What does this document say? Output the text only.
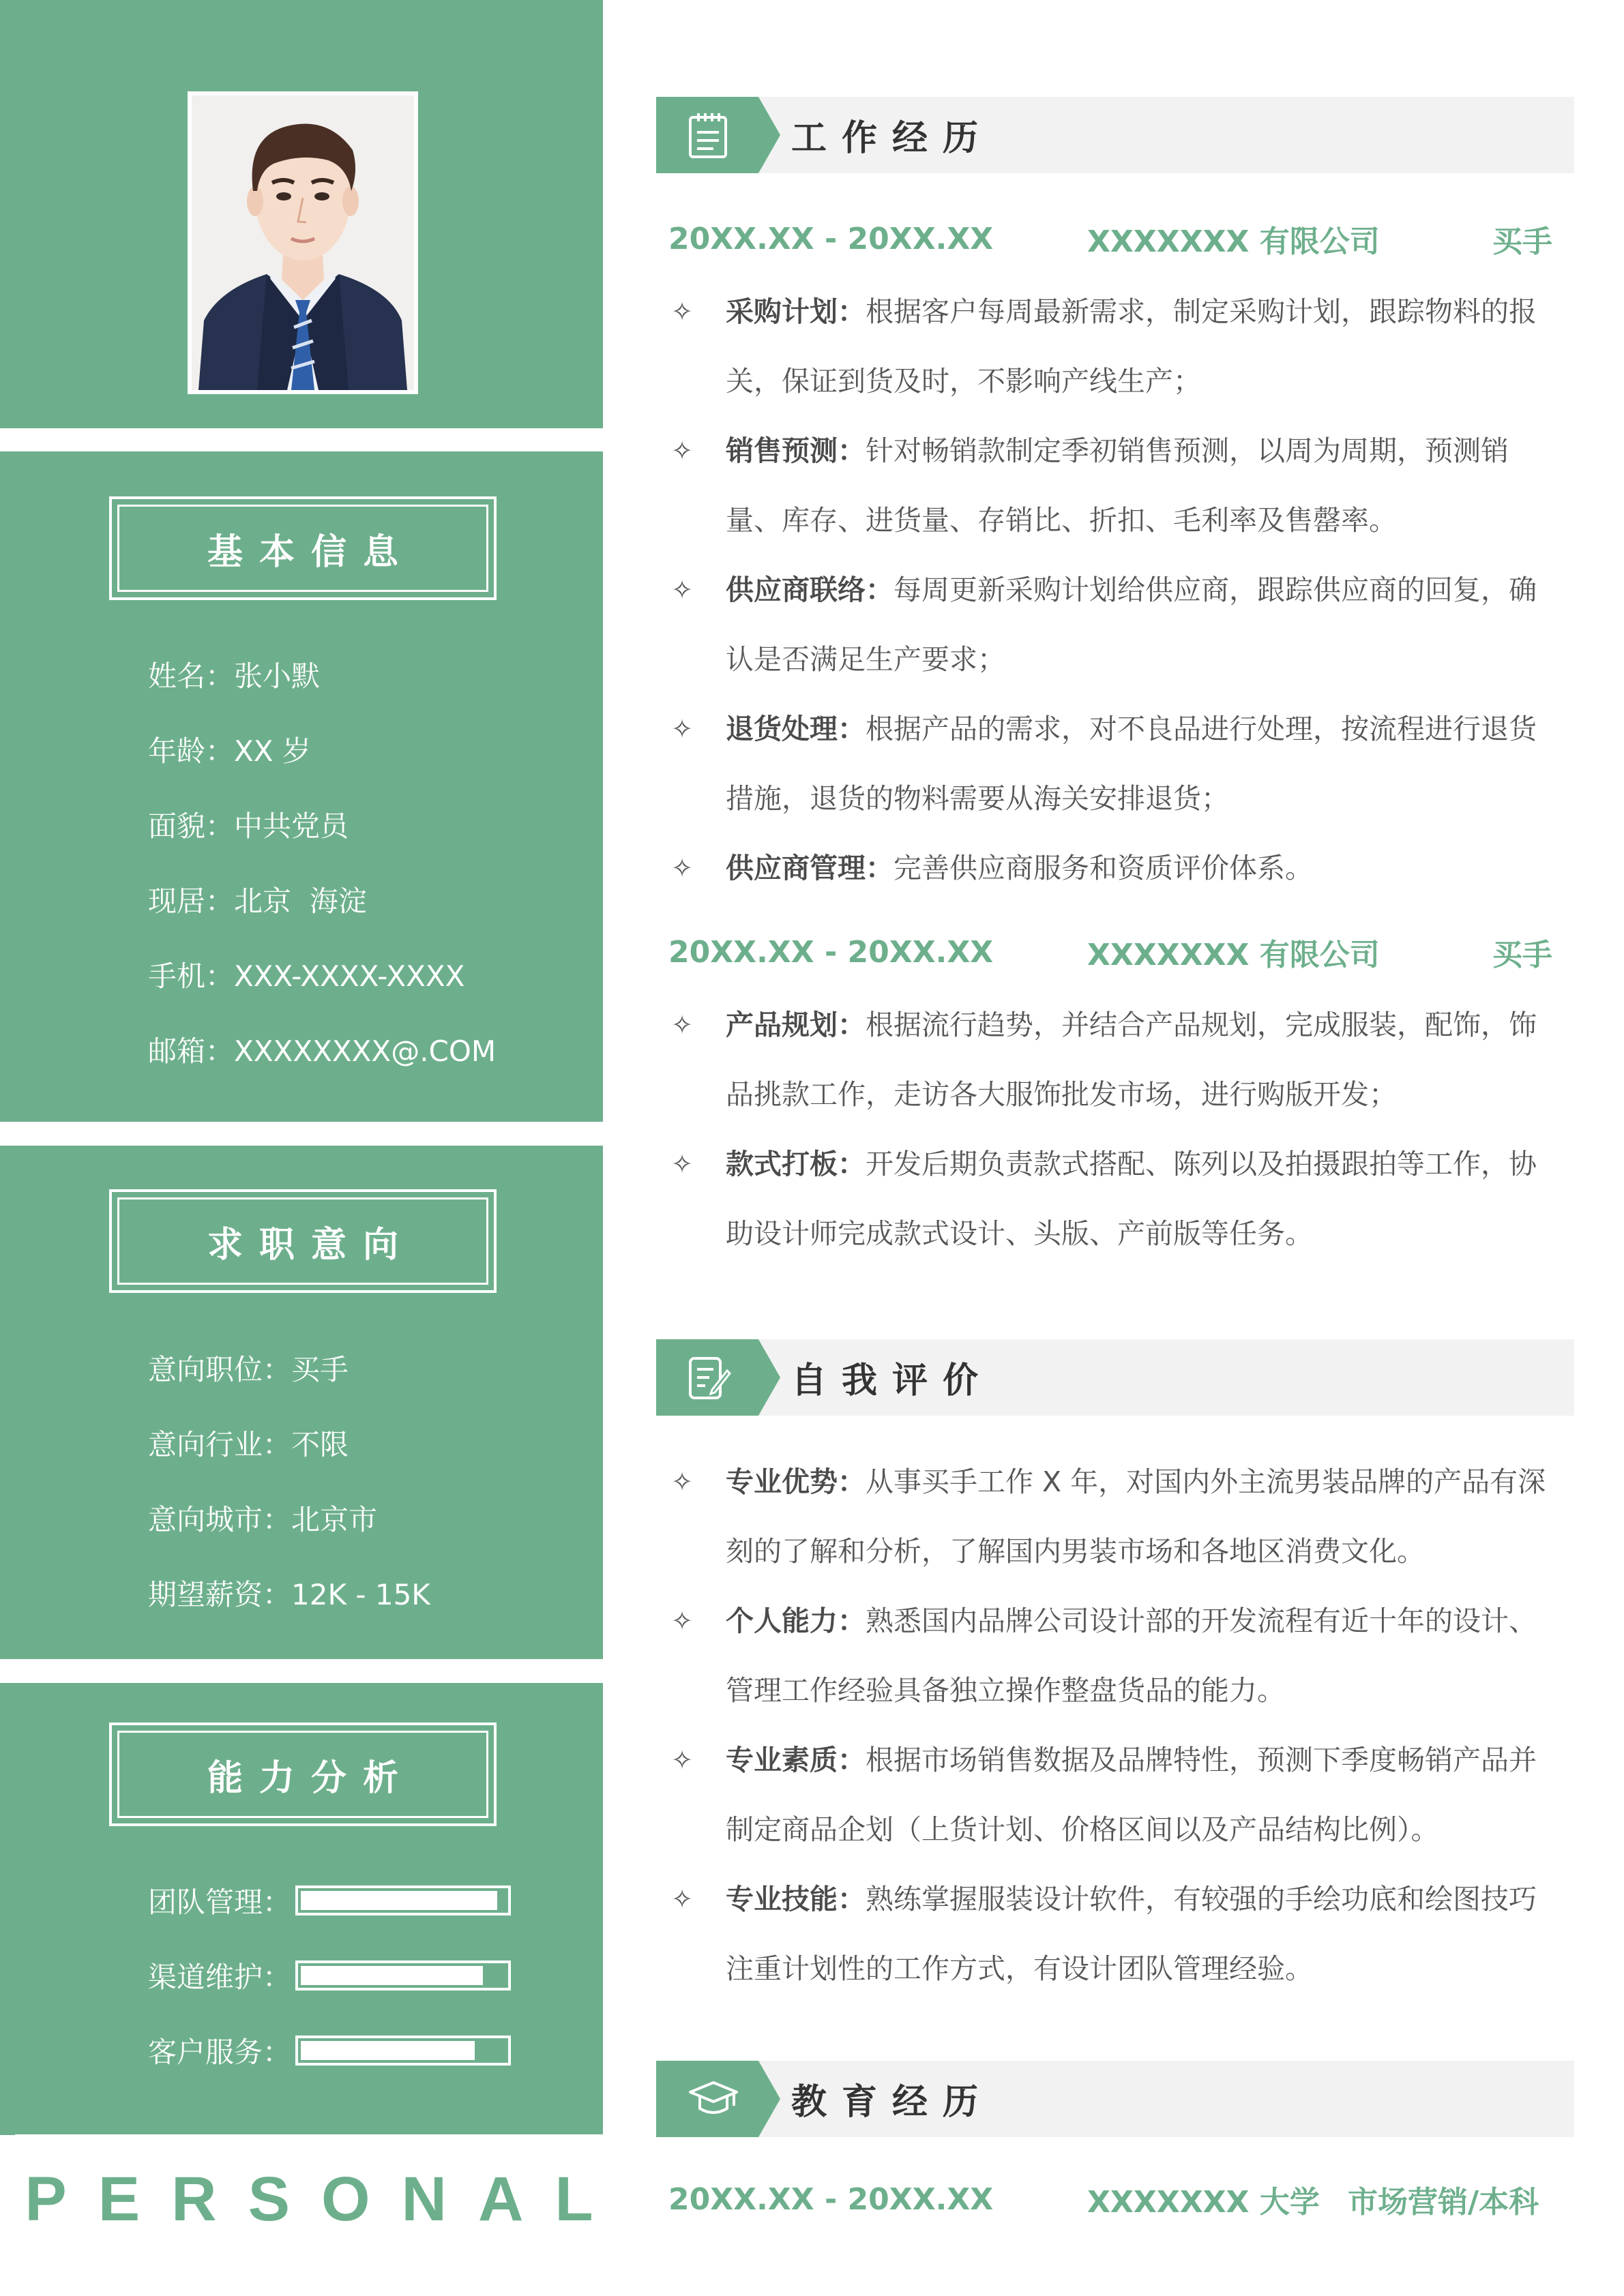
基本信息
姓名：张小默
年龄：XX 岁
面貌：中共党员
现居：北京  海淀
手机：XXX-XXXX-XXXX
邮箱：XXXXXXXX@.COM
求职意向
意向职位：买手
意向行业：不限
意向城市：北京市
期望薪资：12K - 15K
能力分析
团队管理：
渠道维护：
客户服务：
PERSONAL
工作经历
20XX.XX - 20XX.XX	XXXXXXX 有限公司	买手
✧ 采购计划：根据客户每周最新需求，制定采购计划，跟踪物料的报关，保证到货及时，不影响产线生产；
✧ 销售预测：针对畅销款制定季初销售预测，以周为周期，预测销量、库存、进货量、存销比、折扣、毛利率及售罄率。
✧ 供应商联络：每周更新采购计划给供应商，跟踪供应商的回复，确认是否满足生产要求；
✧ 退货处理：根据产品的需求，对不良品进行处理，按流程进行退货措施，退货的物料需要从海关安排退货；
✧ 供应商管理：完善供应商服务和资质评价体系。
20XX.XX - 20XX.XX	XXXXXXX 有限公司	买手
✧ 产品规划：根据流行趋势，并结合产品规划，完成服装，配饰，饰品挑款工作，走访各大服饰批发市场，进行购版开发；
✧ 款式打板：开发后期负责款式搭配、陈列以及拍摄跟拍等工作，协助设计师完成款式设计、头版、产前版等任务。
自我评价
✧ 专业优势：从事买手工作 X 年，对国内外主流男装品牌的产品有深刻的了解和分析，了解国内男装市场和各地区消费文化。
✧ 个人能力：熟悉国内品牌公司设计部的开发流程有近十年的设计、管理工作经验具备独立操作整盘货品的能力。
✧ 专业素质：根据市场销售数据及品牌特性，预测下季度畅销产品并制定商品企划（上货计划、价格区间以及产品结构比例）。
✧ 专业技能：熟练掌握服装设计软件，有较强的手绘功底和绘图技巧注重计划性的工作方式，有设计团队管理经验。
教育经历
20XX.XX - 20XX.XX	XXXXXXX 大学 市场营销/本科
